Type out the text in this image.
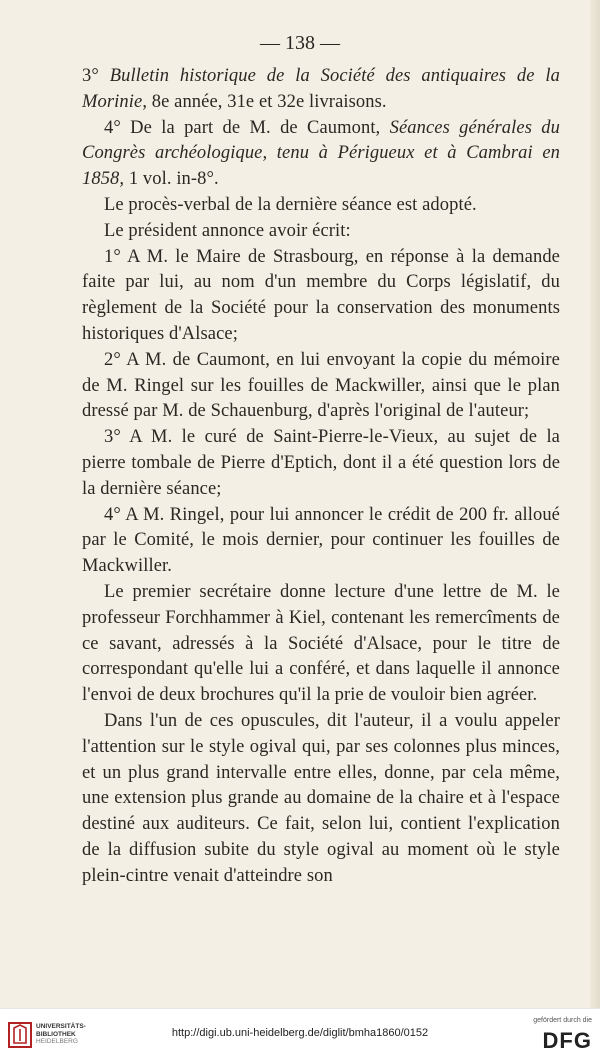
— 138 —

3° Bulletin historique de la Société des antiquaires de la Morinie, 8e année, 31e et 32e livraisons.

4° De la part de M. de Caumont, Séances générales du Congrès archéologique, tenu à Périgueux et à Cambrai en 1858, 1 vol. in-8°.

Le procès-verbal de la dernière séance est adopté.

Le président annonce avoir écrit:

1° A M. le Maire de Strasbourg, en réponse à la demande faite par lui, au nom d'un membre du Corps législatif, du règlement de la Société pour la conservation des monuments historiques d'Alsace;

2° A M. de Caumont, en lui envoyant la copie du mémoire de M. Ringel sur les fouilles de Mackwiller, ainsi que le plan dressé par M. de Schauenburg, d'après l'original de l'auteur;

3° A M. le curé de Saint-Pierre-le-Vieux, au sujet de la pierre tombale de Pierre d'Eptich, dont il a été question lors de la dernière séance;

4° A M. Ringel, pour lui annoncer le crédit de 200 fr. alloué par le Comité, le mois dernier, pour continuer les fouilles de Mackwiller.

Le premier secrétaire donne lecture d'une lettre de M. le professeur Forchhammer à Kiel, contenant les remercîments de ce savant, adressés à la Société d'Alsace, pour le titre de correspondant qu'elle lui a conféré, et dans laquelle il annonce l'envoi de deux brochures qu'il la prie de vouloir bien agréer.

Dans l'un de ces opuscules, dit l'auteur, il a voulu appeler l'attention sur le style ogival qui, par ses colonnes plus minces, et un plus grand intervalle entre elles, donne, par cela même, une extension plus grande au domaine de la chaire et à l'espace destiné aux auditeurs. Ce fait, selon lui, contient l'explication de la diffusion subite du style ogival au moment où le style plein-cintre venait d'atteindre son

UNIVERSITÄTS-
BIBLIOTHEK
HEIDELBERG
http://digi.ub.uni-heidelberg.de/diglit/bmha1860/0152
gefördert durch die
DFG
